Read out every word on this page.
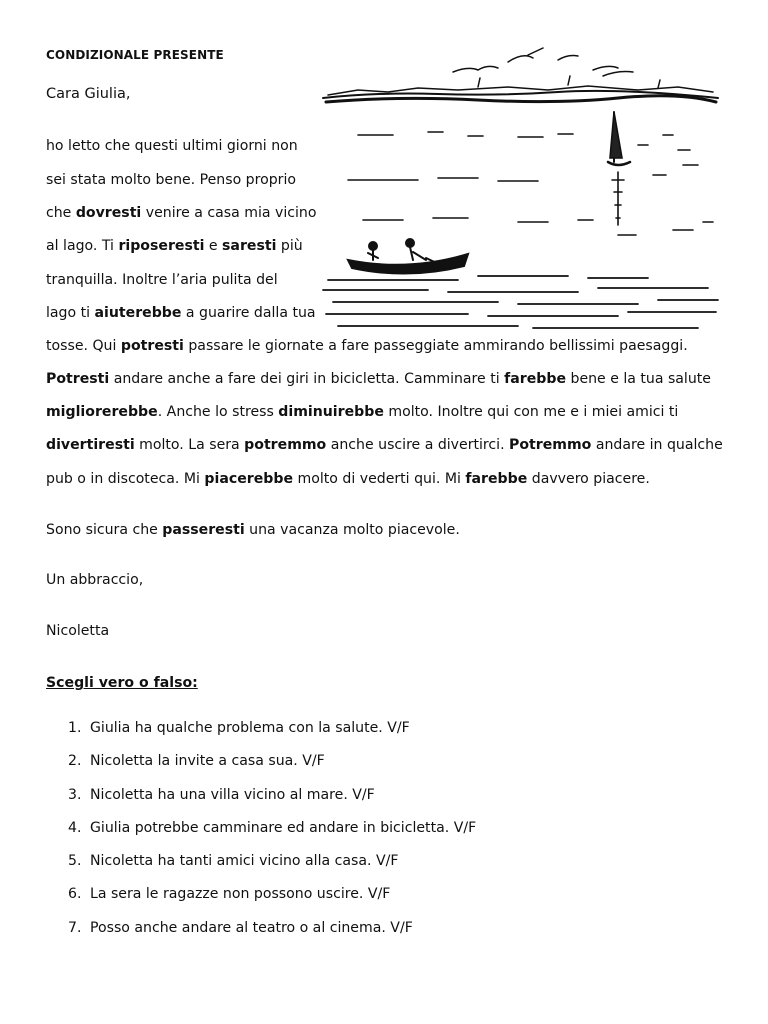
CONDIZIONALE PRESENTE
Cara Giulia,
ho letto che questi ultimi giorni non
sei stata molto bene. Penso proprio
che dovresti venire a casa mia vicino
al lago. Ti riposeresti e saresti più
tranquilla. Inoltre l’aria pulita del
lago ti aiuterebbe a guarire dalla tua
tosse. Qui potresti passare le giornate a fare passeggiate ammirando bellissimi paesaggi.
Potresti andare anche a fare dei giri in bicicletta. Camminare ti farebbe bene e la tua salute
migliorerebbe. Anche lo stress diminuirebbe molto. Inoltre qui con me e i miei amici ti
divertiresti molto. La sera potremmo anche uscire a divertirci. Potremmo andare in qualche
pub o in discoteca. Mi piacerebbe molto di vederti qui. Mi farebbe davvero piacere.
Sono sicura che passeresti una vacanza molto piacevole.
Un abbraccio,
Nicoletta
Scegli vero o falso:
1. Giulia ha qualche problema con la salute. V/F
2. Nicoletta la invite a casa sua. V/F
3. Nicoletta ha una villa vicino al mare. V/F
4. Giulia potrebbe camminare ed andare in bicicletta. V/F
5. Nicoletta ha tanti amici vicino alla casa. V/F
6. La sera le ragazze non possono uscire. V/F
7. Posso anche andare al teatro o al cinema. V/F
